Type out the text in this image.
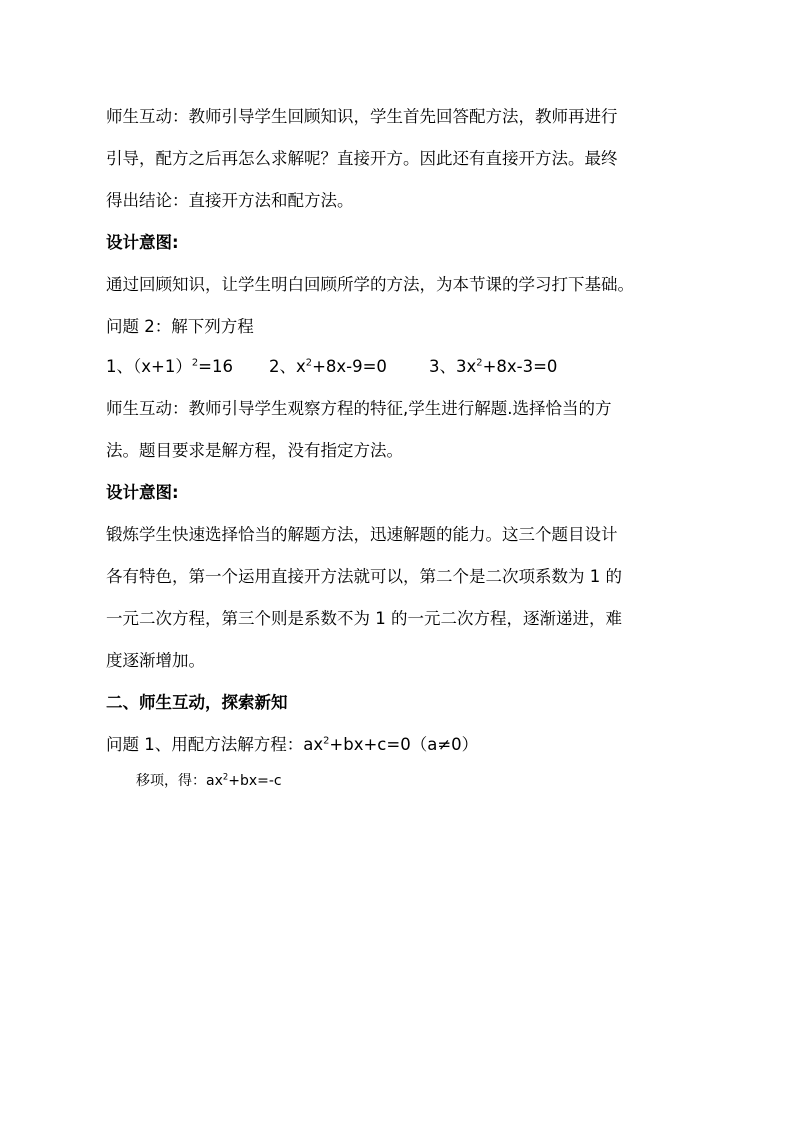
师生互动：教师引导学生回顾知识，学生首先回答配方法，教师再进行

引导，配方之后再怎么求解呢？直接开方。因此还有直接开方法。最终

得出结论：直接开方法和配方法。

设计意图:

通过回顾知识，让学生明白回顾所学的方法，为本节课的学习打下基础。

问题 2：解下列方程

1、$(x+1)^2=16$ 2、$x^2+8x-9=0$	3、$3x^2+8x-3=0$

师生互动：教师引导学生观察方程的特征,学生进行解题.选择恰当的方

法。题目要求是解方程，没有指定方法。

设计意图:

锻炼学生快速选择恰当的解题方法，迅速解题的能力。这三个题目设计

各有特色，第一个运用直接开方法就可以，第二个是二次项系数为 1 的

一元二次方程，第三个则是系数不为 1 的一元二次方程，逐渐递进，难

度逐渐增加。

二、师生互动，探索新知

问题 1、用配方法解方程：$ax^2+bx+c=0(a\ne 0)$

移项，得：$ax^2+bx=-c$
